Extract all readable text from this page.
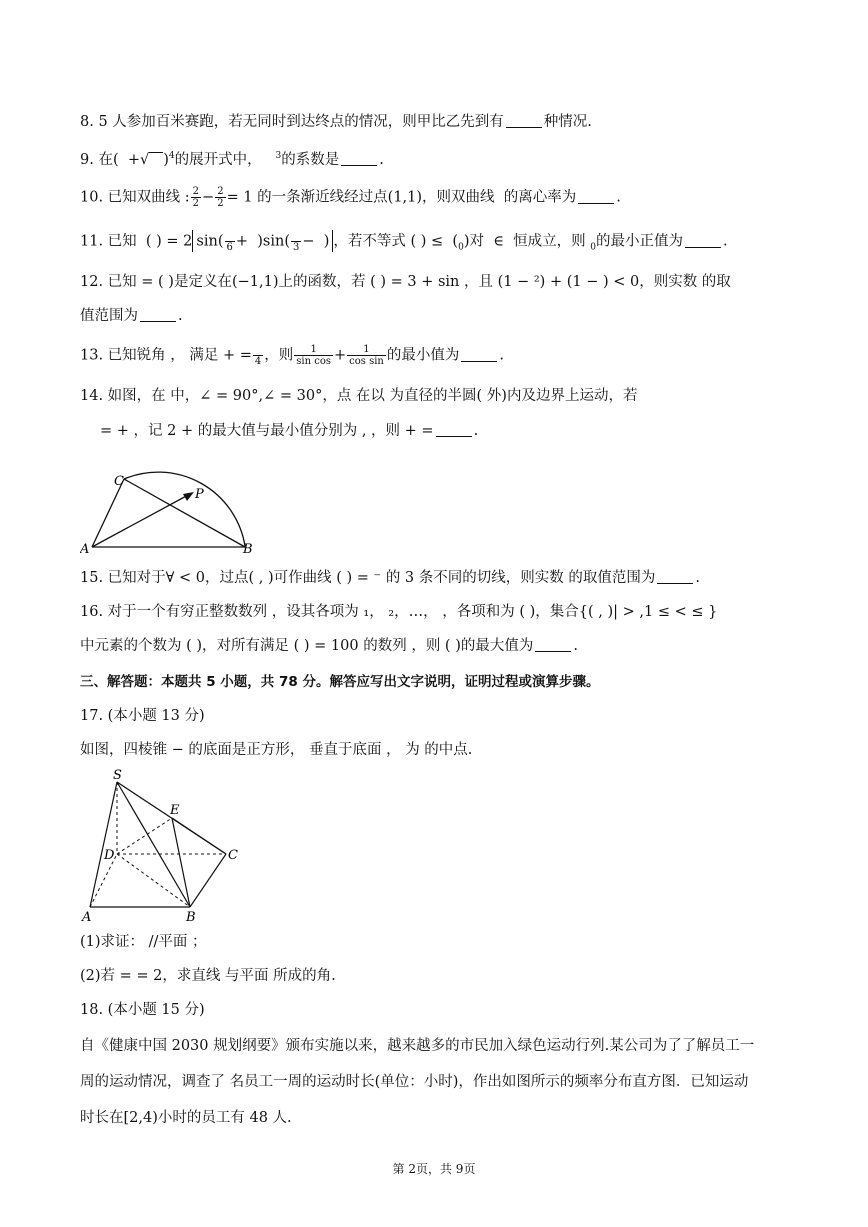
8. 5 人参加百米赛跑，若无同时到达终点的情况，则甲比乙先到有	种情况.
9. 在( +√ )$^4$的展开式中， $^3$的系数是	.
10. 已知双曲线 : $\frac{2}{2} - \frac{2}{2} = 1$ 的一条渐近线经过点(1,1)，则双曲线 的离心率为	.
11. 已知 ( ) = 2 sin(
6 + )sin(
3 − ) ，若不等式 ( ) ≤ $(_0)$对 ∈ 恒成立，则 $_0$的最小正值为	.
12. 已知 = ( )是定义在(−1,1)上的函数，若 ( ) = 3 + sin ，且 (1 − ²) + (1 − ) < 0，则实数 的取
值范围为	.
13. 已知锐角 ， 满足 + =
4 ，则 $\frac{1}{\text{sin cos}} + \frac{1}{\text{cos sin}}$ 的最小值为	.
14. 如图，在 中，∠ = 90°,∠ = 30°，点 在以 为直径的半圆( 外)内及边界上运动，若
= + ，记 2 + 的最大值与最小值分别为 , ，则 + =	.
A	B
C
P
15. 已知对于∀ < 0，过点( , )可作曲线 ( ) = ⁻ 的 3 条不同的切线，则实数 的取值范围为	.
16. 对于一个有穷正整数数列 ，设其各项为 ₁， ₂，…， ，各项和为 ( )，集合{( , )| > ,1 ≤ < ≤ }
中元素的个数为 ( )，对所有满足 ( ) = 100 的数列 ，则 ( )的最大值为	.
三、解答题：本题共 5 小题，共 78 分。解答应写出文字说明，证明过程或演算步骤。
17. (本小题 13 分)
如图，四棱锥 − 的底面是正方形， 垂直于底面 ， 为 的中点.
S
E
D	C
A	B
(1)求证： //平面 ；
(2)若 = = 2，求直线 与平面 所成的角.
18. (本小题 15 分)
自《健康中国 2030 规划纲要》颁布实施以来，越来越多的市民加入绿色运动行列.某公司为了了解员工一
周的运动情况，调查了 名员工一周的运动时长(单位：小时)，作出如图所示的频率分布直方图．已知运动
时长在[2,4)小时的员工有 48 人.
第 2页，共 9页
